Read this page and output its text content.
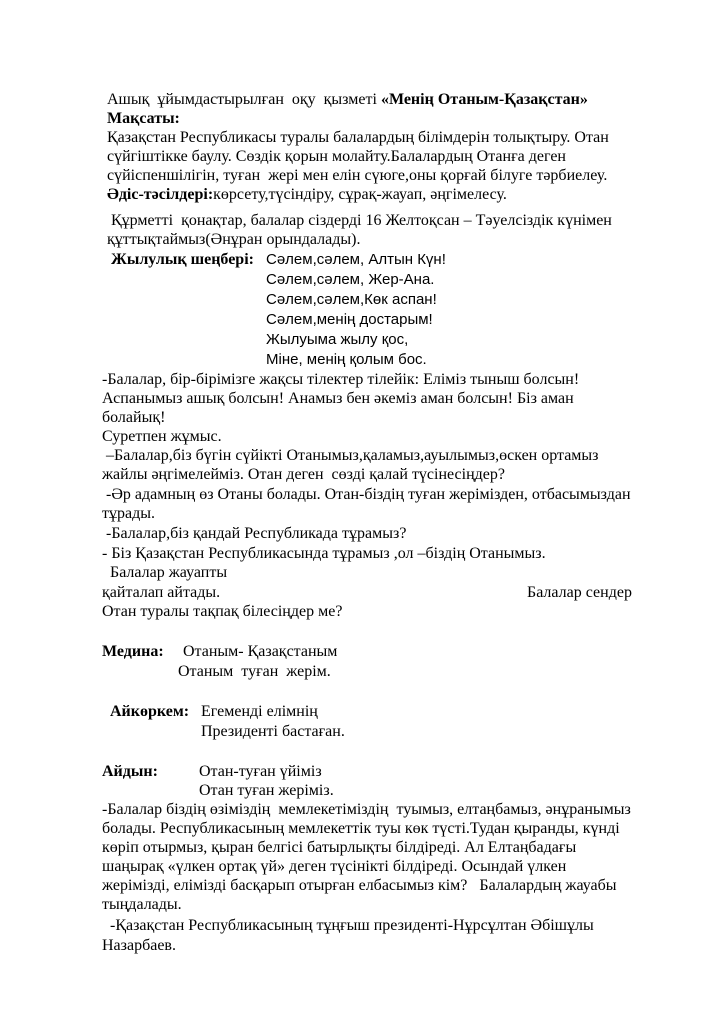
Ашық  ұйымдастырылған  оқу  қызметі «Менің Отаным-Қазақстан»
Мақсаты:
Қазақстан Республикасы туралы балалардың білімдерін толықтыру. Отан
сүйгіштікке баулу. Сөздік қорын молайту.Балалардың Отанға деген
сүйіспеншілігін, туған  жері мен елін сүюге,оны қорғай білуге тәрбиелеу.
Әдіс-тәсілдері:көрсету,түсіндіру, сұрақ-жауап, әңгімелесу.
Құрметті  қонақтар, балалар сіздерді 16 Желтоқсан – Тәуелсіздік күнімен
құттықтаймыз(Әнұран орындалады).
Жылулық шеңбері: Сәлем,сәлем, Алтын Күн!
Сәлем,сәлем, Жер-Ана.
Сәлем,сәлем,Көк аспан!
Сәлем,менің достарым!
Жылуыма жылу қос,
Міне, менің қолым бос.
-Балалар, бір-бірімізге жақсы тілектер тілейік: Еліміз тыныш болсын!
Аспанымыз ашық болсын! Анамыз бен әкеміз аман болсын! Біз аман
болайық!
Суретпен жұмыс.
–Балалар,біз бүгін сүйікті Отанымыз,қаламыз,ауылымыз,өскен ортамыз
жайлы әңгімелейміз. Отан деген  сөзді қалай түсінесіңдер?
-Әр адамның өз Отаны болады. Отан-біздің туған жерімізден, отбасымыздан
тұрады.
-Балалар,біз қандай Республикада тұрамыз?
- Біз Қазақстан Республикасында тұрамыз ,ол –біздің Отанымыз.
Балалар жауапты
қайталап айтады.	Балалар сендер
Отан туралы тақпақ білесіңдер ме?
Медина: Отаным- Қазақстаным
Отаным  туған  жерім.
Айкөркем: Егеменді елімнің
Президенті бастаған.
Айдын:	Отан-туған үйіміз
Отан туған жеріміз.
-Балалар біздің өзіміздің  мемлекетіміздің  туымыз, елтаңбамыз, әнұранымыз
болады. Республикасының мемлекеттік туы көк түсті.Тудан қыранды, күнді
көріп отырмыз, қыран белгісі батырлықты білдіреді. Ал Елтаңбадағы
шаңырақ «үлкен ортақ үй» деген түсінікті білдіреді. Осындай үлкен
жерімізді, елімізді басқарып отырған елбасымыз кім?   Балалардың жауабы
тыңдалады.
-Қазақстан Республикасының тұңғыш президенті-Нұрсұлтан Әбішұлы
Назарбаев.
